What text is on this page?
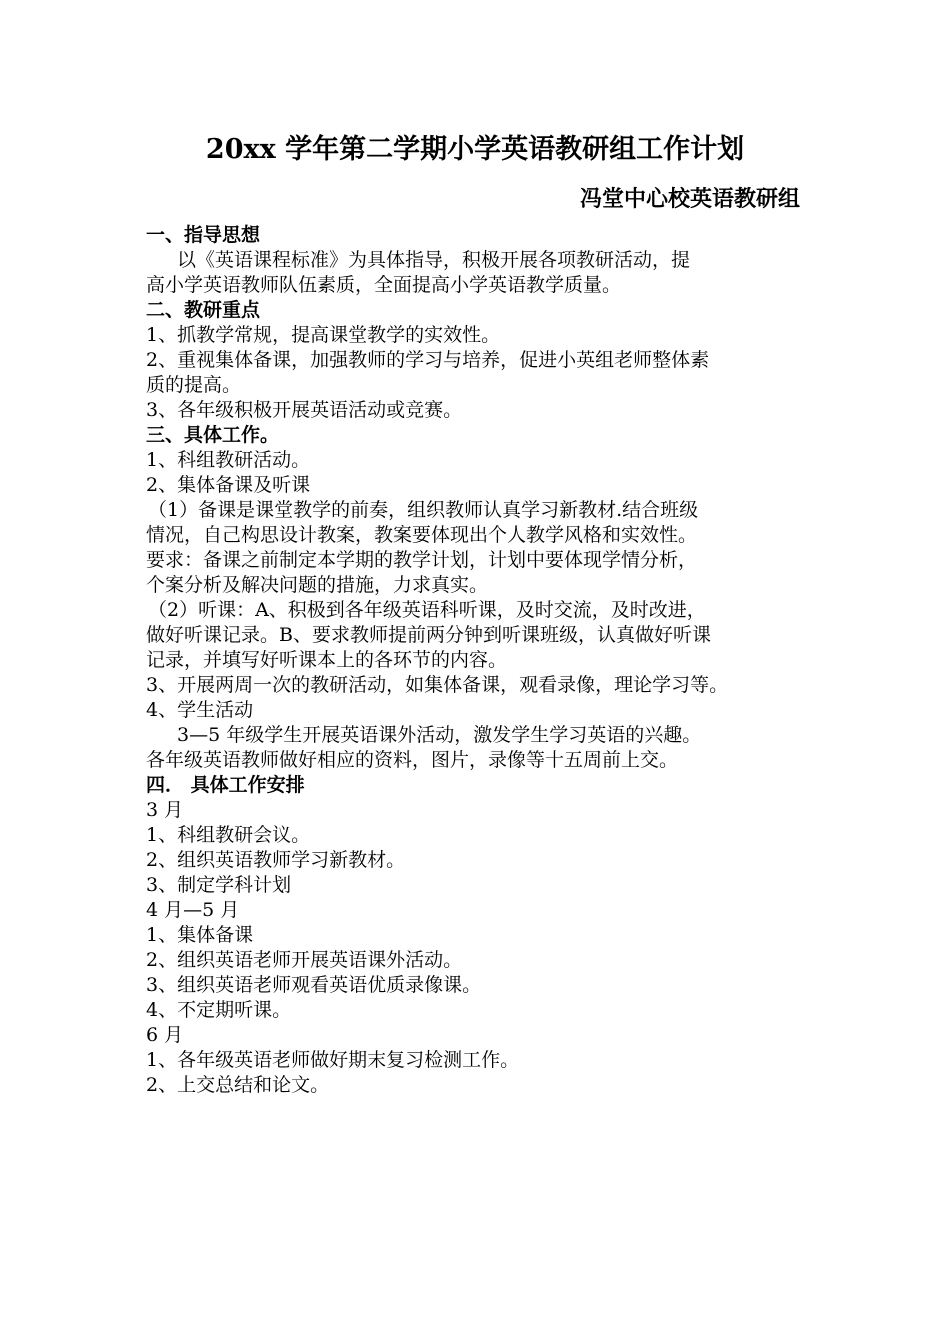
20xx 学年第二学期小学英语教研组工作计划
冯堂中心校英语教研组
一、指导思想
以《英语课程标准》为具体指导，积极开展各项教研活动，提
高小学英语教师队伍素质，全面提高小学英语教学质量。
二、教研重点
1、抓教学常规，提高课堂教学的实效性。
2、重视集体备课，加强教师的学习与培养，促进小英组老师整体素
质的提高。
3、各年级积极开展英语活动或竞赛。
三、具体工作。
1、科组教研活动。
2、集体备课及听课
（1）备课是课堂教学的前奏，组织教师认真学习新教材.结合班级
情况，自己构思设计教案，教案要体现出个人教学风格和实效性。
要求：备课之前制定本学期的教学计划，计划中要体现学情分析，
个案分析及解决问题的措施，力求真实。
（2）听课：A、积极到各年级英语科听课，及时交流，及时改进，
做好听课记录。B、要求教师提前两分钟到听课班级，认真做好听课
记录，并填写好听课本上的各环节的内容。
3、开展两周一次的教研活动，如集体备课，观看录像，理论学习等。
4、学生活动
3—5 年级学生开展英语课外活动，激发学生学习英语的兴趣。
各年级英语教师做好相应的资料，图片，录像等十五周前上交。
四． 具体工作安排
3 月
1、科组教研会议。
2、组织英语教师学习新教材。
3、制定学科计划
4 月—5 月
1、集体备课
2、组织英语老师开展英语课外活动。
3、组织英语老师观看英语优质录像课。
4、不定期听课。
6 月
1、各年级英语老师做好期末复习检测工作。
2、上交总结和论文。
